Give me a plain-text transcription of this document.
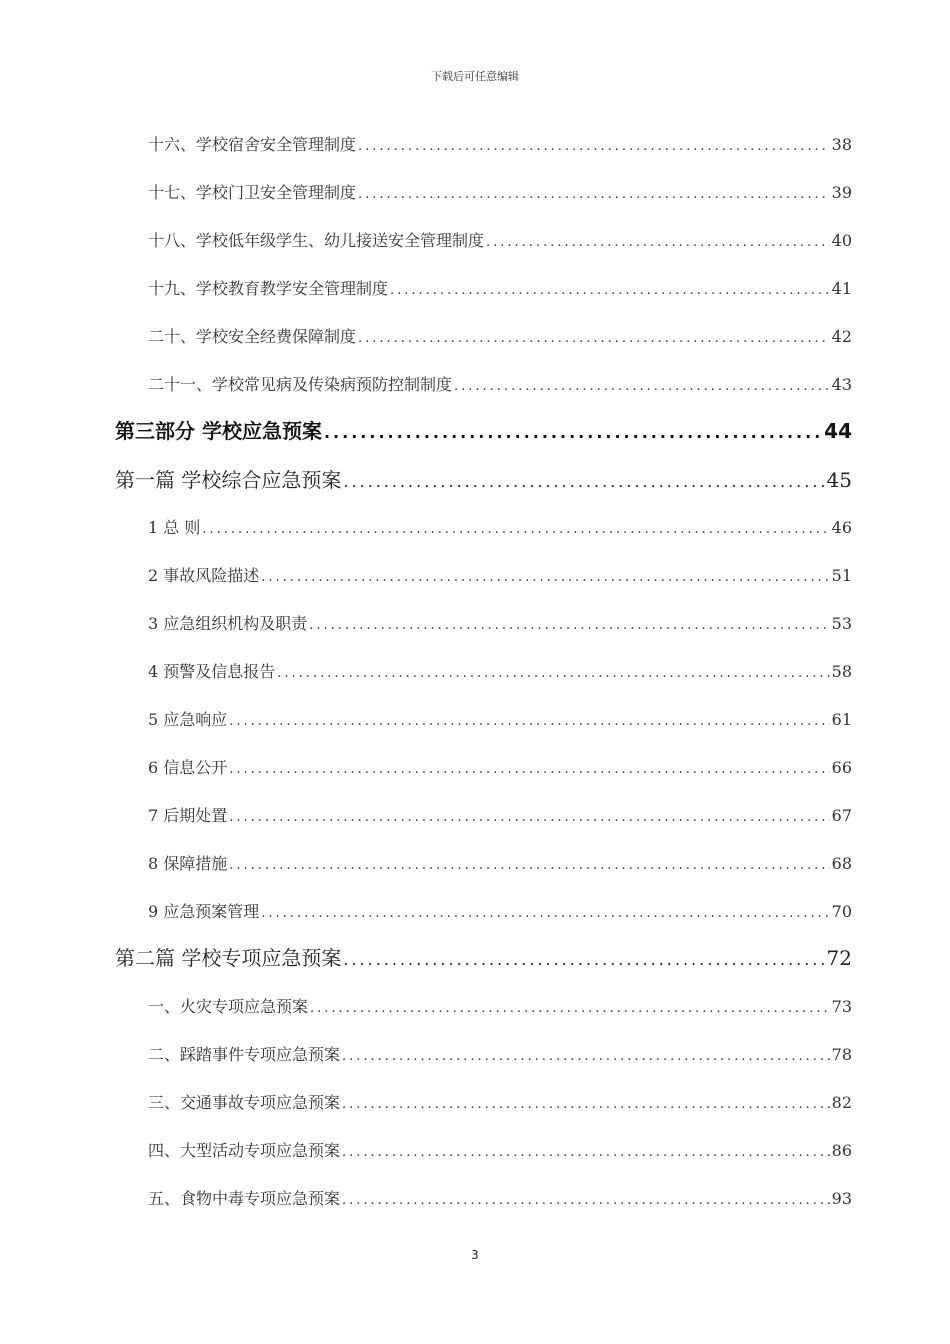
下载后可任意编辑
十六、学校宿舍安全管理制度 .....	38
十七、学校门卫安全管理制度 .....	39
十八、学校低年级学生、幼儿接送安全管理制度 .....	40
十九、学校教育教学安全管理制度 .....	41
二十、学校安全经费保障制度 .....	42
二十一、学校常见病及传染病预防控制制度 .....	43
第三部分 学校应急预案 .....	44
第一篇 学校综合应急预案 .....	45
1 总 则 .....	46
2 事故风险描述 .....	51
3 应急组织机构及职责 .....	53
4 预警及信息报告 .....	58
5 应急响应 .....	61
6 信息公开 .....	66
7 后期处置 .....	67
8 保障措施 .....	68
9 应急预案管理 .....	70
第二篇 学校专项应急预案 .....	72
一、火灾专项应急预案 .....	73
二、踩踏事件专项应急预案 .....	78
三、交通事故专项应急预案 .....	82
四、大型活动专项应急预案 .....	86
五、食物中毒专项应急预案 .....	93
3
